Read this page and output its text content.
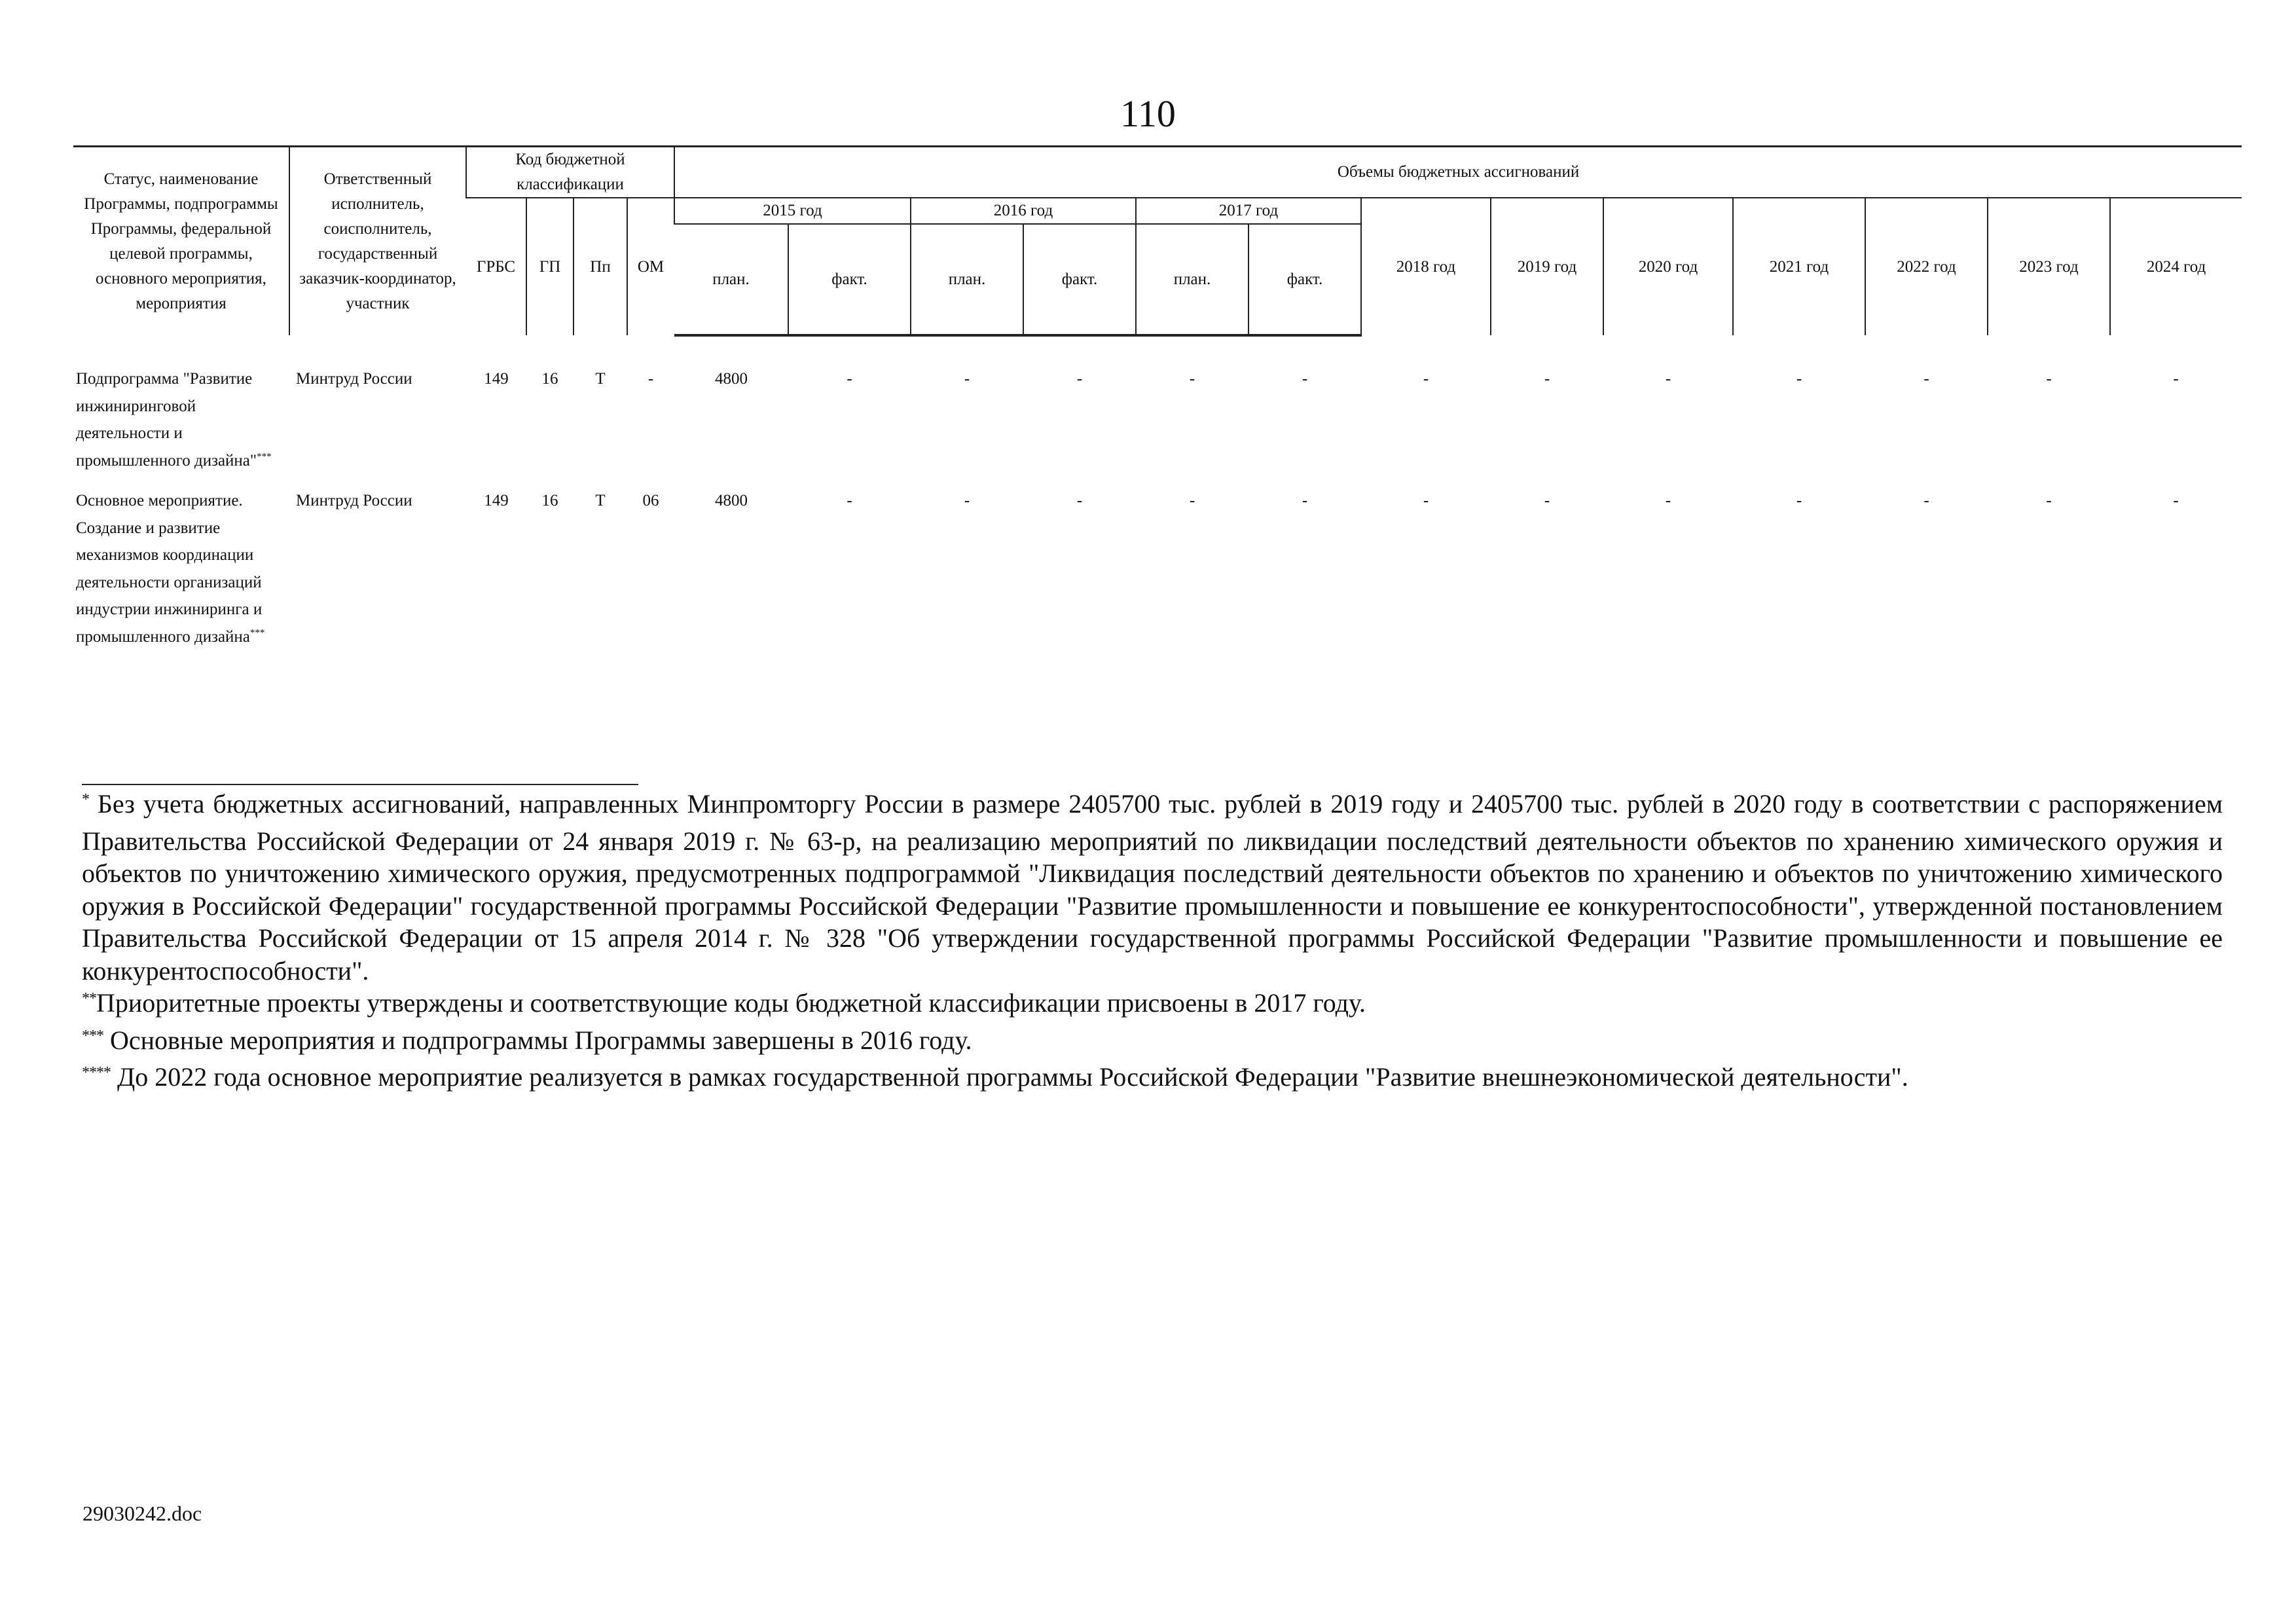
110
Статус, наименование Программы, подпрограммы Программы, федеральной целевой программы, основного мероприятия, мероприятия	Ответственный исполнитель, соисполнитель, государственный заказчик-координатор, участник	Код бюджетной классификации				Объемы бюджетных ассигнований												
		ГРБС	ГП	Пп	ОМ	2015 год		2016 год		2017 год		2018 год	2019 год	2020 год	2021 год	2022 год	2023 год	2024 год
						план.	факт.	план.	факт.	план.	факт.							

Подпрограмма "Развитие инжиниринговой деятельности и промышленного дизайна"***	Минтруд России	149	16	Т	-	4800	-	-	-	-	-	-	-	-	-	-	-	-

Основное мероприятие. Создание и развитие механизмов координации деятельности организаций индустрии инжиниринга и промышленного дизайна***	Минтруд России	149	16	Т	06	4800	-	-	-	-	-	-	-	-	-	-	-	-

* Без учета бюджетных ассигнований, направленных Минпромторгу России в размере 2405700 тыс. рублей в 2019 году и 2405700 тыс. рублей в 2020 году в соответствии с распоряжением Правительства Российской Федерации от 24 января 2019 г. № 63-р, на реализацию мероприятий по ликвидации последствий деятельности объектов по хранению химического оружия и объектов по уничтожению химического оружия, предусмотренных подпрограммой "Ликвидация последствий деятельности объектов по хранению и объектов по уничтожению химического оружия в Российской Федерации" государственной программы Российской Федерации "Развитие промышленности и повышение ее конкурентоспособности", утвержденной постановлением Правительства Российской Федерации от 15 апреля 2014 г. № 328 "Об утверждении государственной программы Российской Федерации "Развитие промышленности и повышение ее конкурентоспособности".

**Приоритетные проекты утверждены и соответствующие коды бюджетной классификации присвоены в 2017 году.

*** Основные мероприятия и подпрограммы Программы завершены в 2016 году.

**** До 2022 года основное мероприятие реализуется в рамках государственной программы Российской Федерации "Развитие внешнеэкономической деятельности".

29030242.doc
